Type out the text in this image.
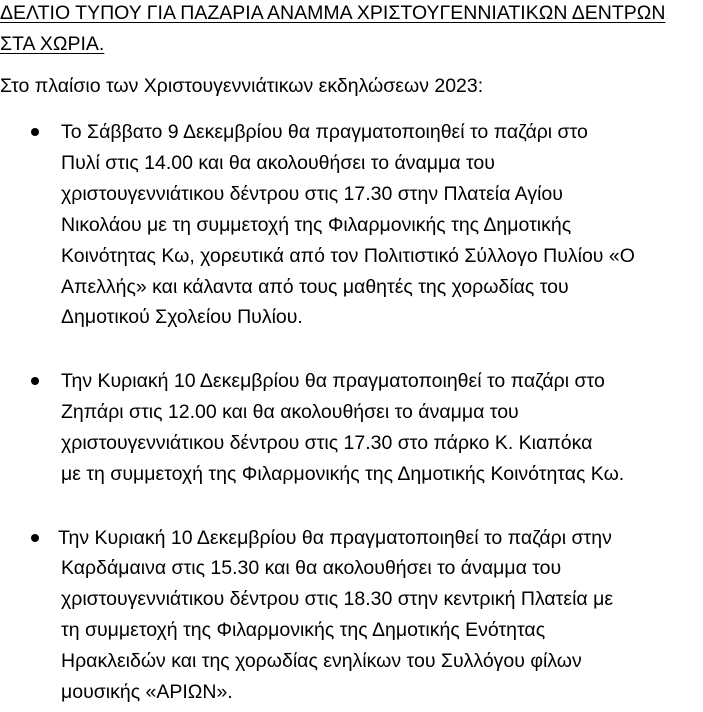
ΔΕΛΤΙΟ ΤΥΠΟΥ ΓΙΑ ΠΑΖΑΡΙΑ ΑΝΑΜΜΑ ΧΡΙΣΤΟΥΓΕΝΝΙΑΤΙΚΩΝ ΔΕΝΤΡΩΝ
ΣΤΑ ΧΩΡΙΑ.
Στο πλαίσιο των Χριστουγεννιάτικων εκδηλώσεων 2023:
Το Σάββατο 9 Δεκεμβρίου θα πραγματοποιηθεί το παζάρι στο
Πυλί στις 14.00 και θα ακολουθήσει το άναμμα του
χριστουγεννιάτικου δέντρου στις 17.30 στην Πλατεία Αγίου
Νικολάου με τη συμμετοχή της Φιλαρμονικής της Δημοτικής
Κοινότητας Κω, χορευτικά από τον Πολιτιστικό Σύλλογο Πυλίου «Ο
Απελλής» και κάλαντα από τους μαθητές της χορωδίας του
Δημοτικού Σχολείου Πυλίου.
Την Κυριακή 10 Δεκεμβρίου θα πραγματοποιηθεί το παζάρι στο
Ζηπάρι στις 12.00 και θα ακολουθήσει το άναμμα του
χριστουγεννιάτικου δέντρου στις 17.30 στο πάρκο Κ. Κιαπόκα
με τη συμμετοχή της Φιλαρμονικής της Δημοτικής Κοινότητας Κω.
Την Κυριακή 10 Δεκεμβρίου θα πραγματοποιηθεί το παζάρι στην
Καρδάμαινα στις 15.30 και θα ακολουθήσει το άναμμα του
χριστουγεννιάτικου δέντρου στις 18.30 στην κεντρική Πλατεία με
τη συμμετοχή της Φιλαρμονικής της Δημοτικής Ενότητας
Ηρακλειδών και της χορωδίας ενηλίκων του Συλλόγου φίλων
μουσικής «ΑΡΙΩΝ».
